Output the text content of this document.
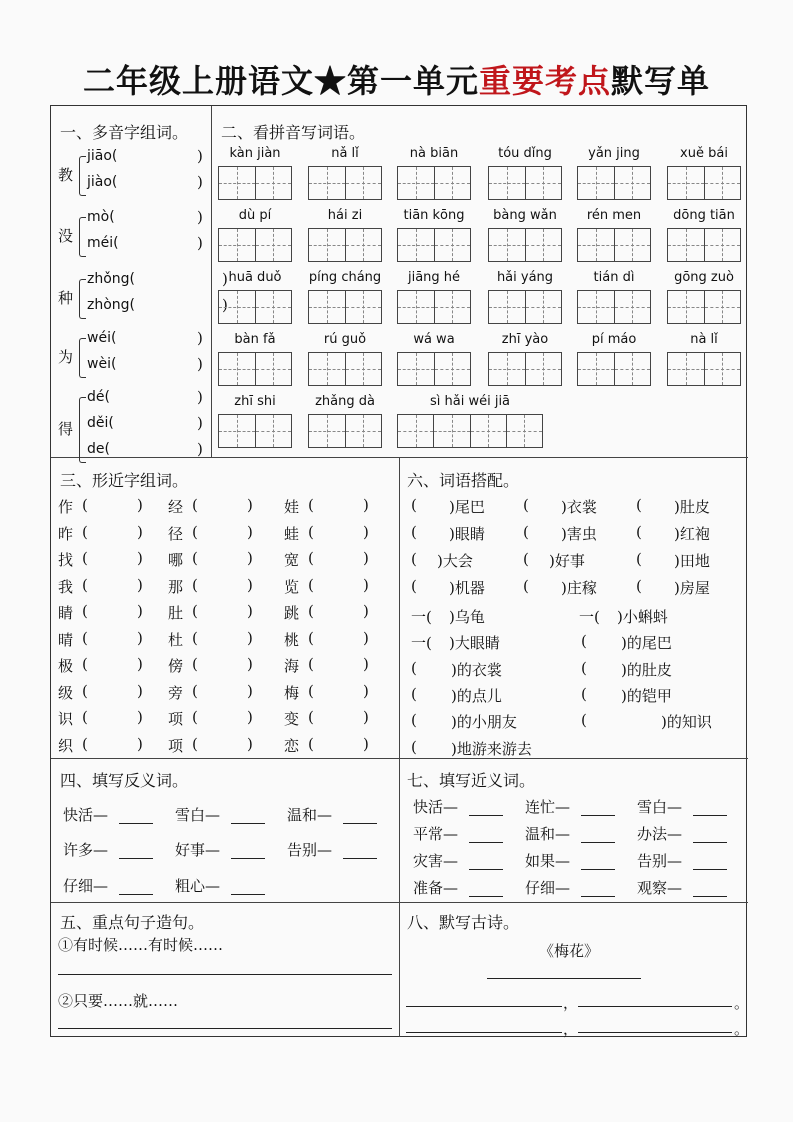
二年级上册语文★第一单元重要考点默写单
一、多音字组词。
教
jiāo(	)
jiào(	)
没
mò(	)
méi(	)
种
zhǒng(	)
zhòng(	)
为
wéi(	)
wèi(	)
得
dé(	)
děi(	)
de(	)
二、看拼音写词语。
kàn jiàn	nǎ lǐ	nà biān	tóu dǐng	yǎn jing	xuě bái
dù pí	hái zi	tiān kōng	bàng wǎn	rén men	dōng tiān
huā duǒ	píng cháng	jiāng hé	hǎi yáng	tián dì	gōng zuò
bàn fǎ	rú guǒ	wá wa	zhī yào	pí máo	nà lǐ
zhī shi	zhǎng dà	sì hǎi wéi jiā
三、形近字组词。
作 (	) 经 (	) 娃 (	)
昨 (	) 径 (	) 蛙 (	)
找 (	) 哪 (	) 宽 (	)
我 (	) 那 (	) 览 (	)
睛 (	) 肚 (	) 跳 (	)
晴 (	) 杜 (	) 桃 (	)
极 (	) 傍 (	) 海 (	)
级 (	) 旁 (	) 梅 (	)
识 (	) 项 (	) 变 (	)
织 (	) 项 (	) 恋 (	)
六、词语搭配。
( )尾巴	( )衣裳	( )肚皮
( )眼睛	( )害虫	( )红袍
( )大会	( )好事	( )田地
( )机器	( )庄稼	( )房屋
一( )乌龟	一( )小蝌蚪
一( )大眼睛	( )的尾巴
( )的衣裳	( )的肚皮
( )的点儿	( )的铠甲
( )的小朋友	(	)的知识
( )地游来游去
四、填写反义词。
快活—	雪白—	温和—
许多—	好事—	告别—
仔细—	粗心—
七、填写近义词。
快活—	连忙—	雪白—
平常—	温和—	办法—
灾害—	如果—	告别—
准备—	仔细—	观察—
五、重点句子造句。
①有时候……有时候……
②只要……就……
八、默写古诗。
《梅花》
，	。
，	。
